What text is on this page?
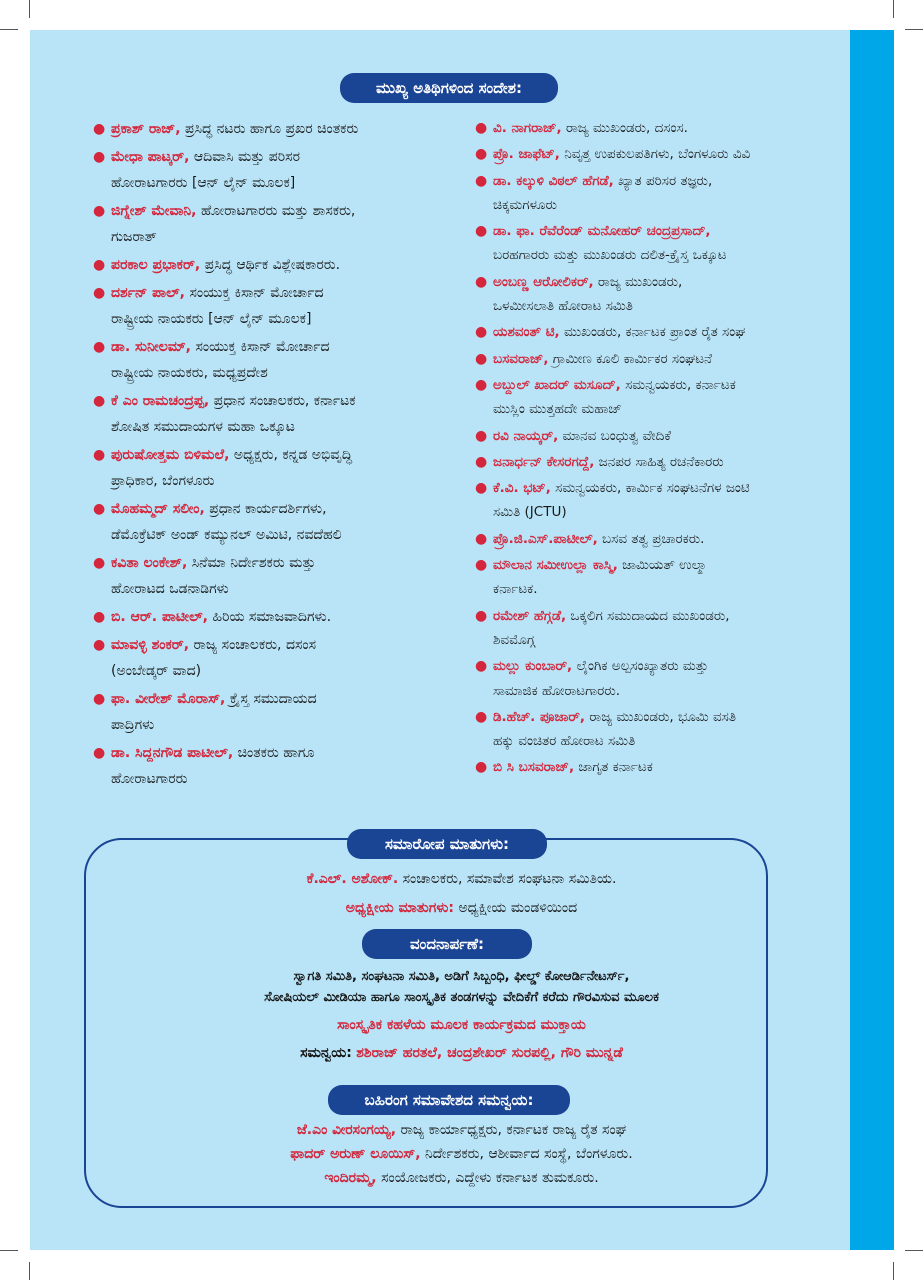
ಮುಖ್ಯ ಅತಿಥಿಗಳಿಂದ ಸಂದೇಶ:
● ಪ್ರಕಾಶ್ ರಾಜ್, ಪ್ರಸಿದ್ಧ ನಟರು ಹಾಗೂ ಪ್ರಖರ ಚಿಂತಕರು
● ಮೇಧಾ ಪಾಟ್ಕರ್, ಆದಿವಾಸಿ ಮತ್ತು ಪರಿಸರ
ಹೋರಾಟಗಾರರು [ಆನ್ ಲೈನ್ ಮೂಲಕ]
● ಜಿಗ್ನೇಶ್ ಮೇವಾನಿ, ಹೋರಾಟಗಾರರು ಮತ್ತು ಶಾಸಕರು,
ಗುಜರಾತ್
● ಪರಕಾಲ ಪ್ರಭಾಕರ್, ಪ್ರಸಿದ್ಧ ಆರ್ಥಿಕ ವಿಶ್ಲೇಷಕಾರರು.
● ದರ್ಶನ್ ಪಾಲ್, ಸಂಯುಕ್ತ ಕಿಸಾನ್ ಮೋರ್ಚಾದ
ರಾಷ್ಟ್ರೀಯ ನಾಯಕರು [ಆನ್ ಲೈನ್ ಮೂಲಕ]
● ಡಾ. ಸುನೀಲಮ್, ಸಂಯುಕ್ತ ಕಿಸಾನ್ ಮೋರ್ಚಾದ
ರಾಷ್ಟ್ರೀಯ ನಾಯಕರು, ಮಧ್ಯಪ್ರದೇಶ
● ಕೆ ಎಂ ರಾಮಚಂದ್ರಪ್ಪ, ಪ್ರಧಾನ ಸಂಚಾಲಕರು, ಕರ್ನಾಟಕ
ಶೋಷಿತ ಸಮುದಾಯಗಳ ಮಹಾ ಒಕ್ಕೂಟ
● ಪುರುಷೋತ್ತಮ ಬಿಳಿಮಲೆ, ಅಧ್ಯಕ್ಷರು, ಕನ್ನಡ ಅಭಿವೃದ್ಧಿ
ಪ್ರಾಧಿಕಾರ, ಬೆಂಗಳೂರು
● ಮೊಹಮ್ಮದ್ ಸಲೀಂ, ಪ್ರಧಾನ ಕಾರ್ಯದರ್ಶಿಗಳು,
ಡೆಮೊಕ್ರೆಟಿಕ್ ಅಂಡ್ ಕಮ್ಯುನಲ್ ಅಮಿಟಿ, ನವದೆಹಲಿ
● ಕವಿತಾ ಲಂಕೇಶ್, ಸಿನೆಮಾ ನಿರ್ದೇಶಕರು ಮತ್ತು
ಹೋರಾಟದ ಒಡನಾಡಿಗಳು
● ಬಿ. ಆರ್. ಪಾಟೀಲ್, ಹಿರಿಯ ಸಮಾಜವಾದಿಗಳು.
● ಮಾವಳ್ಳಿ ಶಂಕರ್, ರಾಜ್ಯ ಸಂಚಾಲಕರು, ದಸಂಸ
(ಅಂಬೇಡ್ಕರ್ ವಾದ)
● ಫಾ. ವೀರೇಶ್ ಮೊರಾಸ್, ಕ್ರೈಸ್ತ ಸಮುದಾಯದ
ಪಾದ್ರಿಗಳು
● ಡಾ. ಸಿದ್ದನಗೌಡ ಪಾಟೀಲ್, ಚಿಂತಕರು ಹಾಗೂ
ಹೋರಾಟಗಾರರು
● ವಿ. ನಾಗರಾಜ್, ರಾಜ್ಯ ಮುಖಂಡರು, ದಸಂಸ.
● ಪ್ರೊ. ಜಾಫೆಟ್, ನಿವೃತ್ತ ಉಪಕುಲಪತಿಗಳು, ಬೆಂಗಳೂರು ವಿವಿ
● ಡಾ. ಕಲ್ಕುಳಿ ವಿಠಲ್ ಹೆಗಡೆ, ಖ್ಯಾತ ಪರಿಸರ ತಜ್ಞರು,
ಚಿಕ್ಕಮಗಳೂರು
● ಡಾ. ಫಾ. ರೆವೆರೆಂಡ್ ಮನೋಹರ್ ಚಂದ್ರಪ್ರಸಾದ್,
ಬರಹಗಾರರು ಮತ್ತು ಮುಖಂಡರು ದಲಿತ-ಕ್ರೈಸ್ತ ಒಕ್ಕೂಟ
● ಅಂಬಣ್ಣ ಆರೋಲಿಕರ್, ರಾಜ್ಯ ಮುಖಂಡರು,
ಒಳಮೀಸಲಾತಿ ಹೋರಾಟ ಸಮಿತಿ
● ಯಶವಂತ್ ಟಿ, ಮುಖಂಡರು, ಕರ್ನಾಟಕ ಪ್ರಾಂತ ರೈತ ಸಂಘ
● ಬಸವರಾಜ್, ಗ್ರಾಮೀಣ ಕೂಲಿ ಕಾರ್ಮಿಕರ ಸಂಘಟನೆ
● ಅಬ್ದುಲ್ ಖಾದರ್ ಮಸೂದ್, ಸಮನ್ವಯಕರು, ಕರ್ನಾಟಕ
ಮುಸ್ಲಿಂ ಮುತ್ತಹದೇ ಮಹಾಜ್
● ರವಿ ನಾಯ್ಕರ್, ಮಾನವ ಬಂಧುತ್ವ ವೇದಿಕೆ
● ಜನಾರ್ಧನ್ ಕೇಸರಗದ್ದೆ, ಜನಪರ ಸಾಹಿತ್ಯ ರಚನೆಕಾರರು
● ಕೆ.ವಿ. ಭಟ್, ಸಮನ್ವಯಕರು, ಕಾರ್ಮಿಕ ಸಂಘಟನೆಗಳ ಜಂಟಿ
ಸಮಿತಿ (JCTU)
● ಪ್ರೊ.ಜಿ.ಎಸ್.ಪಾಟೀಲ್, ಬಸವ ತತ್ವ ಪ್ರಚಾರಕರು.
● ಮೌಲಾನ ಸಮೀಉಲ್ಲಾ ಕಾಸ್ಮಿ, ಜಾಮಿಯತ್ ಉಲ್ಮಾ
ಕರ್ನಾಟಕ.
● ರಮೇಶ್ ಹೆಗ್ಗಡೆ, ಒಕ್ಕಲಿಗ ಸಮುದಾಯದ ಮುಖಂಡರು,
ಶಿವಮೊಗ್ಗ
● ಮಲ್ಲು ಕುಂಬಾರ್, ಲೈಂಗಿಕ ಅಲ್ಪಸಂಖ್ಯಾತರು ಮತ್ತು
ಸಾಮಾಜಿಕ ಹೋರಾಟಗಾರರು.
● ಡಿ.ಹೆಚ್. ಪೂಜಾರ್, ರಾಜ್ಯ ಮುಖಂಡರು, ಭೂಮಿ ವಸತಿ
ಹಕ್ಕು ವಂಚಿತರ ಹೋರಾಟ ಸಮಿತಿ
● ಬಿ ಸಿ ಬಸವರಾಜ್, ಜಾಗೃತ ಕರ್ನಾಟಕ
ಸಮಾರೋಪ ಮಾತುಗಳು:
ಕೆ.ಎಲ್. ಅಶೋಕ್. ಸಂಚಾಲಕರು, ಸಮಾವೇಶ ಸಂಘಟನಾ ಸಮಿತಿಯ.
ಅಧ್ಯಕ್ಷೀಯ ಮಾತುಗಳು: ಅಧ್ಯಕ್ಷೀಯ ಮಂಡಳಿಯಿಂದ
ವಂದನಾರ್ಪಣೆ:
ಸ್ವಾಗತಿ ಸಮಿತಿ, ಸಂಘಟನಾ ಸಮಿತಿ, ಅಡಿಗೆ ಸಿಬ್ಬಂಧಿ, ಫೀಲ್ಡ್ ಕೋಆರ್ಡಿನೇಟರ್ಸ್,
ಸೋಷಿಯಲ್ ಮೀಡಿಯಾ ಹಾಗೂ ಸಾಂಸ್ಕೃತಿಕ ತಂಡಗಳನ್ನು ವೇದಿಕೆಗೆ ಕರೆದು ಗೌರವಿಸುವ ಮೂಲಕ
ಸಾಂಸ್ಕೃತಿಕ ಕಹಳೆಯ ಮೂಲಕ ಕಾರ್ಯಕ್ರಮದ ಮುಕ್ತಾಯ
ಸಮನ್ವಯ: ಶಶಿರಾಜ್ ಹರತಲೆ, ಚಂದ್ರಶೇಖರ್ ಸುರಪಲ್ಲಿ, ಗೌರಿ ಮುನ್ನಡೆ
ಬಹಿರಂಗ ಸಮಾವೇಶದ ಸಮನ್ವಯ:
ಜೆ.ಎಂ ವೀರಸಂಗಯ್ಯ, ರಾಜ್ಯ ಕಾರ್ಯಾಧ್ಯಕ್ಷರು, ಕರ್ನಾಟಕ ರಾಜ್ಯ ರೈತ ಸಂಘ
ಫಾದರ್ ಅರುಣ್ ಲೂಯಿಸ್, ನಿರ್ದೇಶಕರು, ಆಶೀರ್ವಾದ ಸಂಸ್ಥೆ, ಬೆಂಗಳೂರು.
ಇಂದಿರಮ್ಮ, ಸಂಯೋಜಕರು, ಎದ್ದೇಳು ಕರ್ನಾಟಕ ತುಮಕೂರು.
